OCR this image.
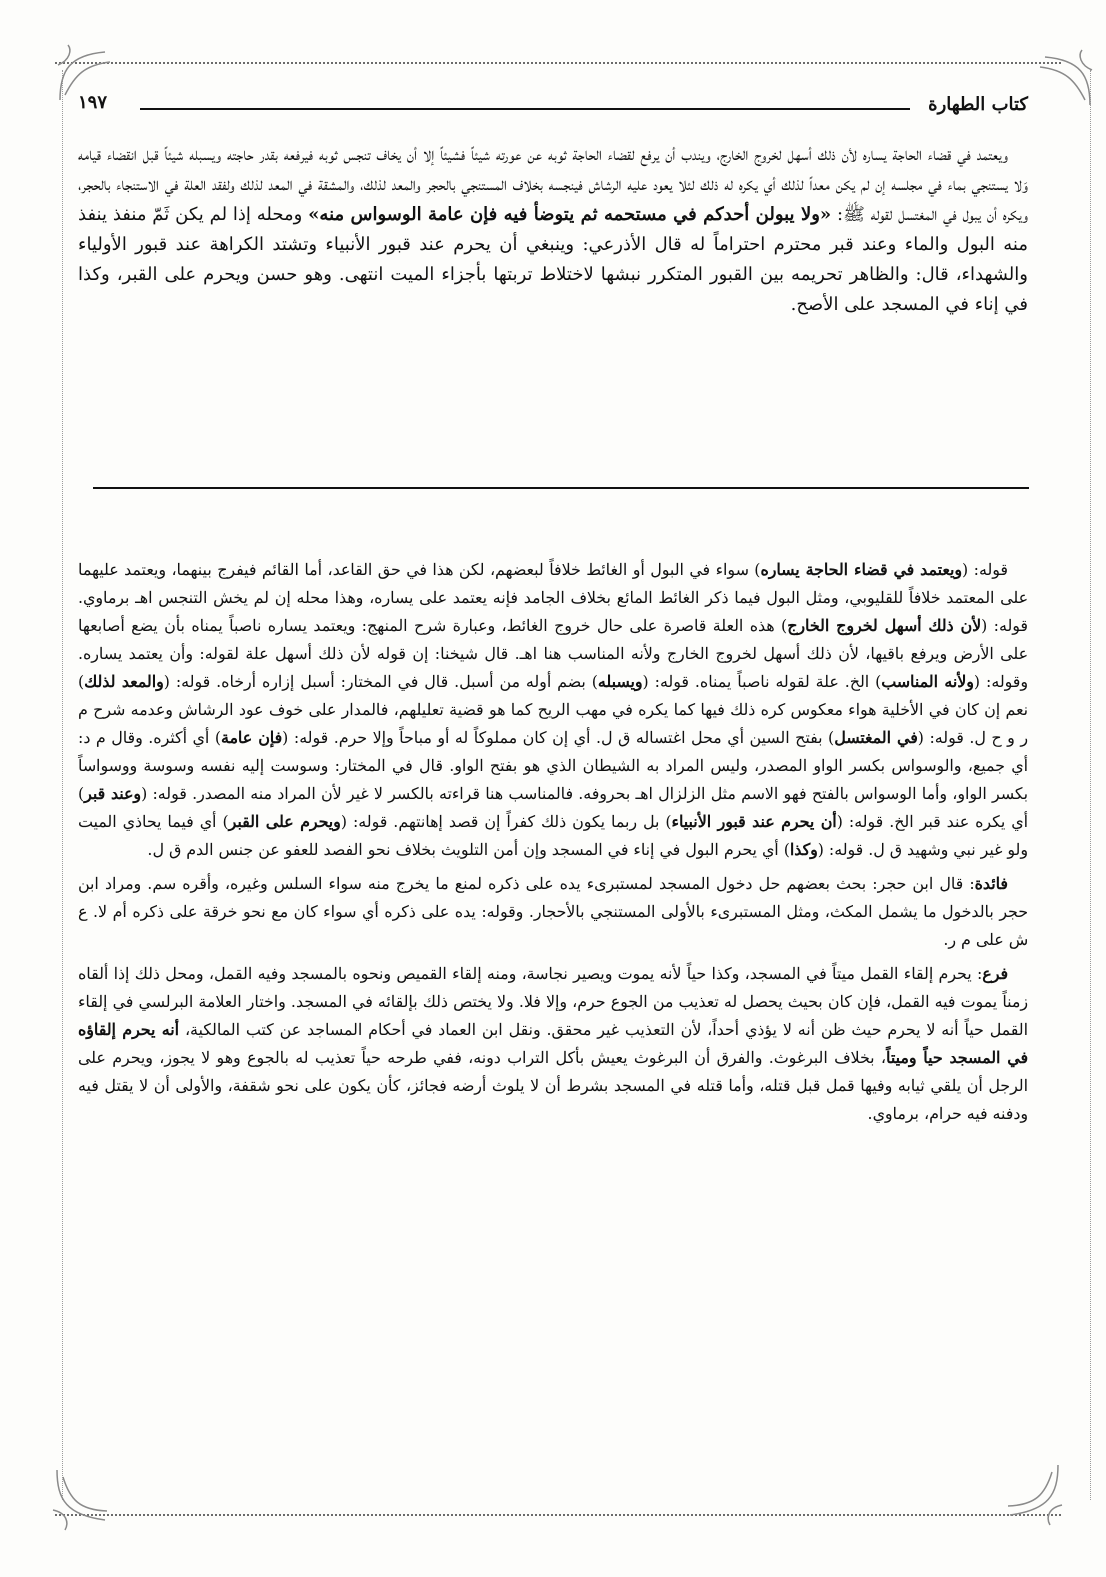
كتاب الطهارة
١٩٧

ويعتمد في قضاء الحاجة يساره لأن ذلك أسهل لخروج الخارج، ويندب أن يرفع لقضاء الحاجة ثوبه عن عورته شيئاً فشيئاً إلا أن يخاف تنجس ثوبه فيرفعه بقدر حاجته ويسبله شيئاً قبل انقضاء قيامه وَلا يستنجي بماء في مجلسه إن لم يكن معداً لذلك أي يكره له ذلك لئلا يعود عليه الرشاش فينجسه بخلاف المستنجي بالحجر والمعد لذلك، والمشقة في المعد لذلك ولفقد العلة في الاستنجاء بالحجر، ويكره أن يبول في المغتسل لقوله ﷺ: «ولا يبولن أحدكم في مستحمه ثم يتوضأ فيه فإن عامة الوسواس منه» ومحله إذا لم يكن ثَمّ منفذ ينفذ منه البول والماء وعند قبر محترم احتراماً له قال الأذرعي: وينبغي أن يحرم عند قبور الأنبياء وتشتد الكراهة عند قبور الأولياء والشهداء، قال: والظاهر تحريمه بين القبور المتكرر نبشها لاختلاط تربتها بأجزاء الميت انتهى. وهو حسن ويحرم على القبر، وكذا في إناء في المسجد على الأصح.

قوله: (ويعتمد في قضاء الحاجة يساره) سواء في البول أو الغائط خلافاً لبعضهم، لكن هذا في حق القاعد، أما القائم فيفرج بينهما، ويعتمد عليهما على المعتمد خلافاً للقليوبي، ومثل البول فيما ذكر الغائط المائع بخلاف الجامد فإنه يعتمد على يساره، وهذا محله إن لم يخش التنجس اهـ برماوي. قوله: (لأن ذلك أسهل لخروج الخارج) هذه العلة قاصرة على حال خروج الغائط، وعبارة شرح المنهج: ويعتمد يساره ناصباً يمناه بأن يضع أصابعها على الأرض ويرفع باقيها، لأن ذلك أسهل لخروج الخارج ولأنه المناسب هنا اهـ. قال شيخنا: إن قوله لأن ذلك أسهل علة لقوله: وأن يعتمد يساره. وقوله: (ولأنه المناسب) الخ. علة لقوله ناصباً يمناه. قوله: (ويسبله) بضم أوله من أسبل. قال في المختار: أسبل إزاره أرخاه. قوله: (والمعد لذلك) نعم إن كان في الأخلية هواء معكوس كره ذلك فيها كما يكره في مهب الريح كما هو قضية تعليلهم، فالمدار على خوف عود الرشاش وعدمه شرح م ر و ح ل. قوله: (في المغتسل) بفتح السين أي محل اغتساله ق ل. أي إن كان مملوكاً له أو مباحاً وإلا حرم. قوله: (فإن عامة) أي أكثره. وقال م د: أي جميع، والوسواس بكسر الواو المصدر، وليس المراد به الشيطان الذي هو بفتح الواو. قال في المختار: وسوست إليه نفسه وسوسة ووسواساً بكسر الواو، وأما الوسواس بالفتح فهو الاسم مثل الزلزال اهـ بحروفه. فالمناسب هنا قراءته بالكسر لا غير لأن المراد منه المصدر. قوله: (وعند قبر) أي يكره عند قبر الخ. قوله: (أن يحرم عند قبور الأنبياء) بل ربما يكون ذلك كفراً إن قصد إهانتهم. قوله: (ويحرم على القبر) أي فيما يحاذي الميت ولو غير نبي وشهيد ق ل. قوله: (وكذا) أي يحرم البول في إناء في المسجد وإن أمن التلويث بخلاف نحو الفصد للعفو عن جنس الدم ق ل.

فائدة: قال ابن حجر: بحث بعضهم حل دخول المسجد لمستبرىء يده على ذكره لمنع ما يخرج منه سواء السلس وغيره، وأقره سم. ومراد ابن حجر بالدخول ما يشمل المكث، ومثل المستبرىء بالأولى المستنجي بالأحجار. وقوله: يده على ذكره أي سواء كان مع نحو خرقة على ذكره أم لا. ع ش على م ر.

فرع: يحرم إلقاء القمل ميتاً في المسجد، وكذا حياً لأنه يموت ويصير نجاسة، ومنه إلقاء القميص ونحوه بالمسجد وفيه القمل، ومحل ذلك إذا ألقاه زمناً يموت فيه القمل، فإن كان بحيث يحصل له تعذيب من الجوع حرم، وإلا فلا. ولا يختص ذلك بإلقائه في المسجد. واختار العلامة البرلسي في إلقاء القمل حياً أنه لا يحرم حيث ظن أنه لا يؤذي أحداً، لأن التعذيب غير محقق. ونقل ابن العماد في أحكام المساجد عن كتب المالكية، أنه يحرم إلقاؤه في المسجد حياً وميتاً، بخلاف البرغوث. والفرق أن البرغوث يعيش بأكل التراب دونه، ففي طرحه حياً تعذيب له بالجوع وهو لا يجوز، ويحرم على الرجل أن يلقي ثيابه وفيها قمل قبل قتله، وأما قتله في المسجد بشرط أن لا يلوث أرضه فجائز، كأن يكون على نحو شقفة، والأولى أن لا يقتل فيه ودفنه فيه حرام، برماوي.
